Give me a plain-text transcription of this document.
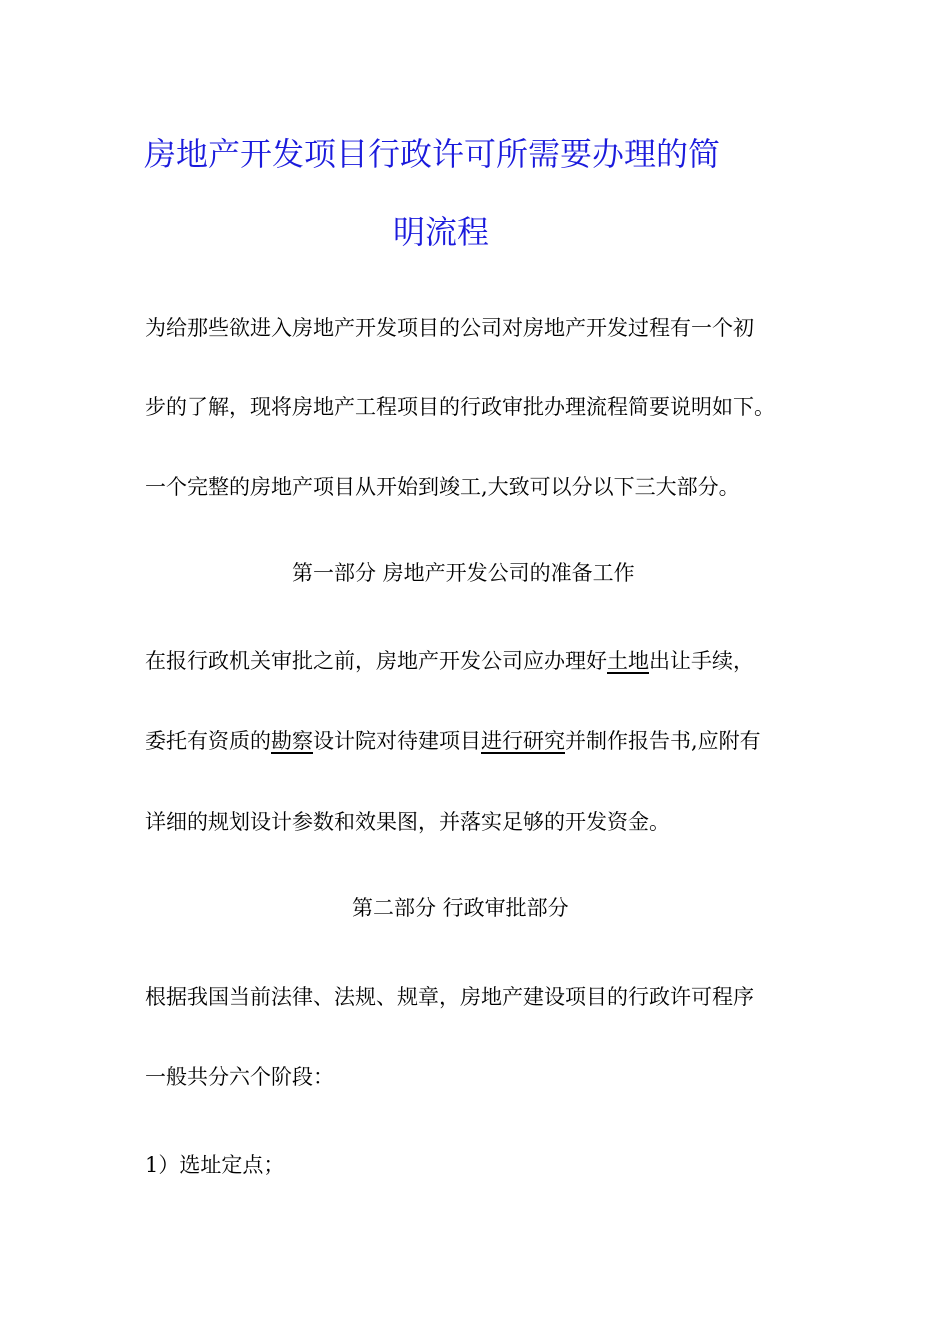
房地产开发项目行政许可所需要办理的简
明流程
为给那些欲进入房地产开发项目的公司对房地产开发过程有一个初
步的了解，现将房地产工程项目的行政审批办理流程简要说明如下。
一个完整的房地产项目从开始到竣工,大致可以分以下三大部分。
第一部分 房地产开发公司的准备工作
在报行政机关审批之前，房地产开发公司应办理好土地出让手续，
委托有资质的勘察设计院对待建项目进行研究并制作报告书,应附有
详细的规划设计参数和效果图，并落实足够的开发资金。
第二部分 行政审批部分
根据我国当前法律、法规、规章，房地产建设项目的行政许可程序
一般共分六个阶段：
1）选址定点；
